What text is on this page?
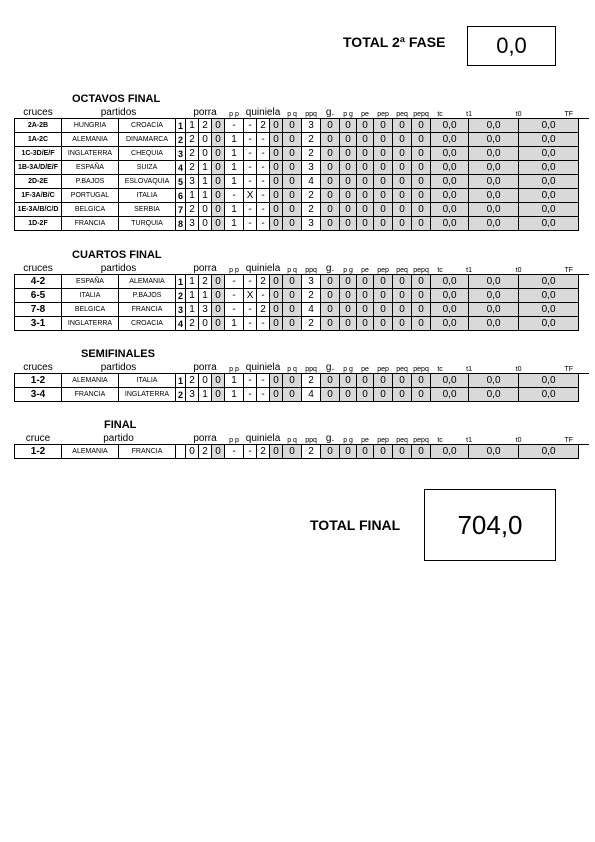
TOTAL 2ª FASE	0,0
OCTAVOS FINAL
cruces	partidos			porra			p p	quiniela			p q	ppq	g.	p g	pe	pep	peq	pepq	tc	t1		t0		TF
2A-2B	HUNGRIA	CROACIA	1	1	2	0	-	-	2	0	0	3	0	0	0	0	0	0	0,0		0,0		0,0	
1A-2C	ALEMANIA	DINAMARCA	2	2	0	0	1	-	-	0	0	2	0	0	0	0	0	0	0,0		0,0		0,0	
1C-3D/E/F	INGLATERRA	CHEQUIA	3	2	0	0	1	-	-	0	0	2	0	0	0	0	0	0	0,0		0,0		0,0	
1B-3A/D/E/F	ESPAÑA	SUIZA	4	2	1	0	1	-	-	0	0	3	0	0	0	0	0	0	0,0		0,0		0,0	
2D-2E	P.BAJOS	ESLOVAQUIA	5	3	1	0	1	-	-	0	0	4	0	0	0	0	0	0	0,0		0,0		0,0	
1F-3A/B/C	PORTUGAL	ITALIA	6	1	1	0	-	X	-	0	0	2	0	0	0	0	0	0	0,0		0,0		0,0	
1E-3A/B/C/D	BELGICA	SERBIA	7	2	0	0	1	-	-	0	0	2	0	0	0	0	0	0	0,0		0,0		0,0	
1D-2F	FRANCIA	TURQUIA	8	3	0	0	1	-	-	0	0	3	0	0	0	0	0	0	0,0		0,0		0,0	
CUARTOS FINAL
cruces	partidos			porra			p p	quiniela			p q	ppq	g.	p g	pe	pep	peq	pepq	tc	t1		t0		TF
4-2	ESPAÑA	ALEMANIA	1	1	2	0	-	-	2	0	0	3	0	0	0	0	0	0	0,0		0,0		0,0	
6-5	ITALIA	P.BAJOS	2	1	1	0	-	X	-	0	0	2	0	0	0	0	0	0	0,0		0,0		0,0	
7-8	BELGICA	FRANCIA	3	1	3	0	-	-	2	0	0	4	0	0	0	0	0	0	0,0		0,0		0,0	
3-1	INGLATERRA	CROACIA	4	2	0	0	1	-	-	0	0	2	0	0	0	0	0	0	0,0		0,0		0,0	
SEMIFINALES
cruces	partidos			porra			p p	quiniela			p q	ppq	g.	p g	pe	pep	peq	pepq	tc	t1		t0		TF
1-2	ALEMANIA	ITALIA	1	2	0	0	1	-	-	0	0	2	0	0	0	0	0	0	0,0		0,0		0,0	
3-4	FRANCIA	INGLATERRA	2	3	1	0	1	-	-	0	0	4	0	0	0	0	0	0	0,0		0,0		0,0	
FINAL
cruce	partido			porra			p p	quiniela			p q	ppq	g.	p g	pe	pep	peq	pepq	tc	t1		t0		TF
1-2	ALEMANIA	FRANCIA		0	2	0	-	-	2	0	0	2	0	0	0	0	0	0	0,0		0,0		0,0	
TOTAL FINAL	704,0
